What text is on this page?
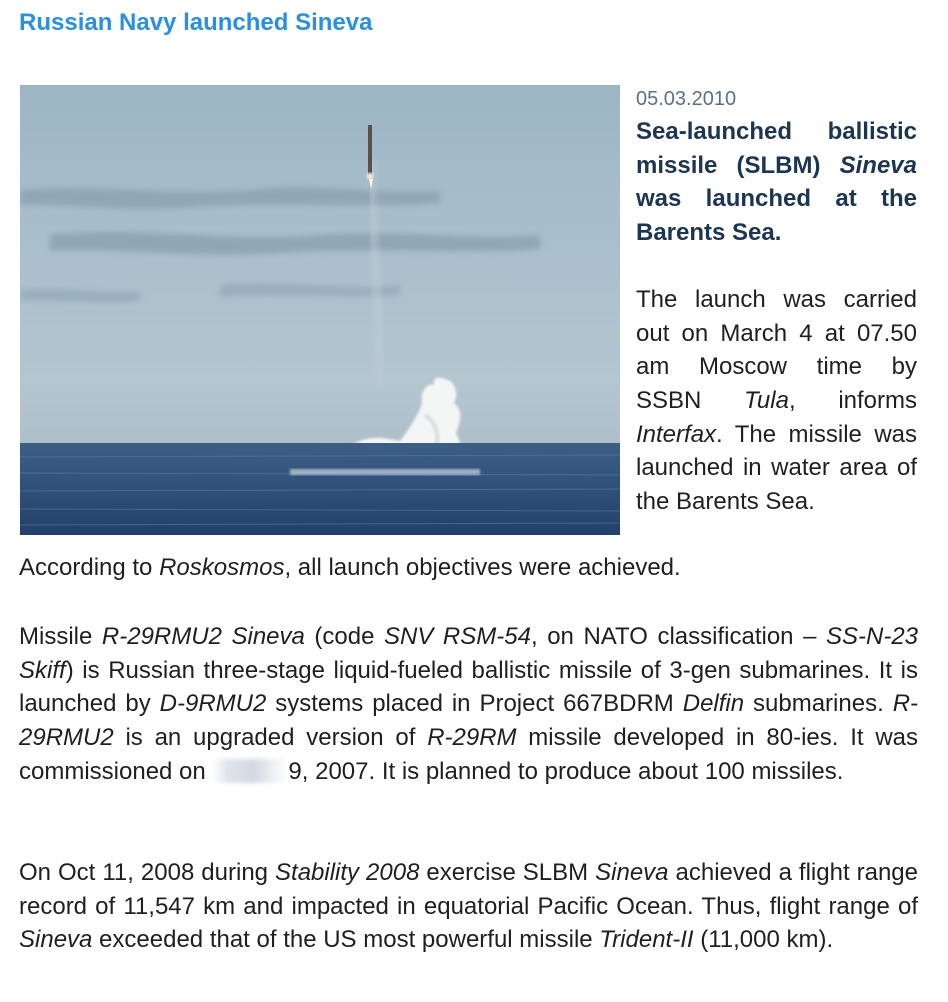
Russian Navy launched Sineva
05.03.2010

Sea-launched ballistic missile (SLBM) Sineva was launched at the Barents Sea.

The launch was carried out on March 4 at 07.50 am Moscow time by SSBN Tula, informs Interfax. The missile was launched in water area of the Barents Sea.

According to Roskosmos, all launch objectives were achieved.

Missile R-29RMU2 Sineva (code SNV RSM-54, on NATO classification – SS-N-23 Skiff) is Russian three-stage liquid-fueled ballistic missile of 3-gen submarines. It is launched by D-9RMU2 systems placed in Project 667BDRM Delfin submarines. R-29RMU2 is an upgraded version of R-29RM missile developed in 80-ies. It was commissioned on	9, 2007. It is planned to produce about 100 missiles.

On Oct 11, 2008 during Stability 2008 exercise SLBM Sineva achieved a flight range record of 11,547 km and impacted in equatorial Pacific Ocean. Thus, flight range of Sineva exceeded that of the US most powerful missile Trident-II (11,000 km).
